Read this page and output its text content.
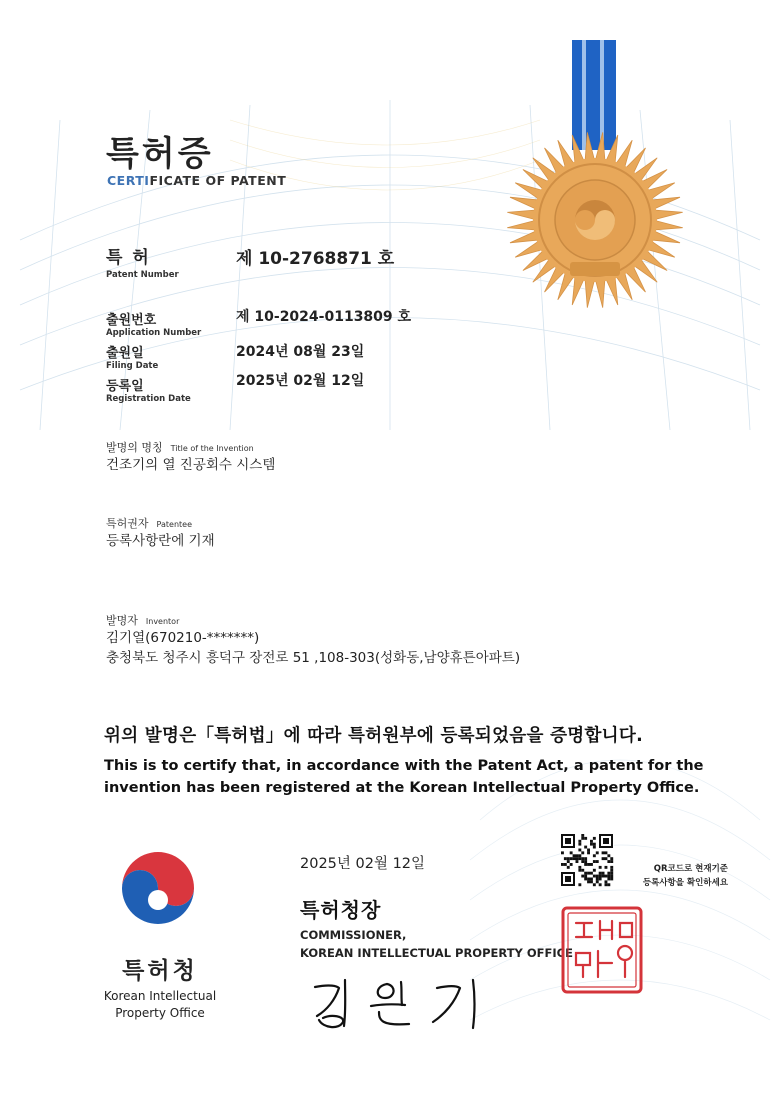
특허증
CERTIFICATE OF PATENT
특 허
Patent Number
제 10-2768871 호
출원번호
Application Number
제 10-2024-0113809 호
출원일
Filing Date
2024년 08월 23일
등록일
Registration Date
2025년 02월 12일
발명의 명칭 Title of the Invention
건조기의 열 진공회수 시스템
특허권자 Patentee
등록사항란에 기재
발명자 Inventor
김기열(670210-*******)
충청북도 청주시 흥덕구 장전로 51 ,108-303(성화동,남양휴튼아파트)
위의 발명은「특허법」에 따라 특허원부에 등록되었음을 증명합니다.
This is to certify that, in accordance with the Patent Act, a patent for the
invention has been registered at the Korean Intellectual Property Office.
2025년 02월 12일	QR코드로 현재기준
등록사항을 확인하세요
특허청장
COMMISSIONER,
KOREAN INTELLECTUAL PROPERTY OFFICE
특허청
Korean Intellectual
Property Office
